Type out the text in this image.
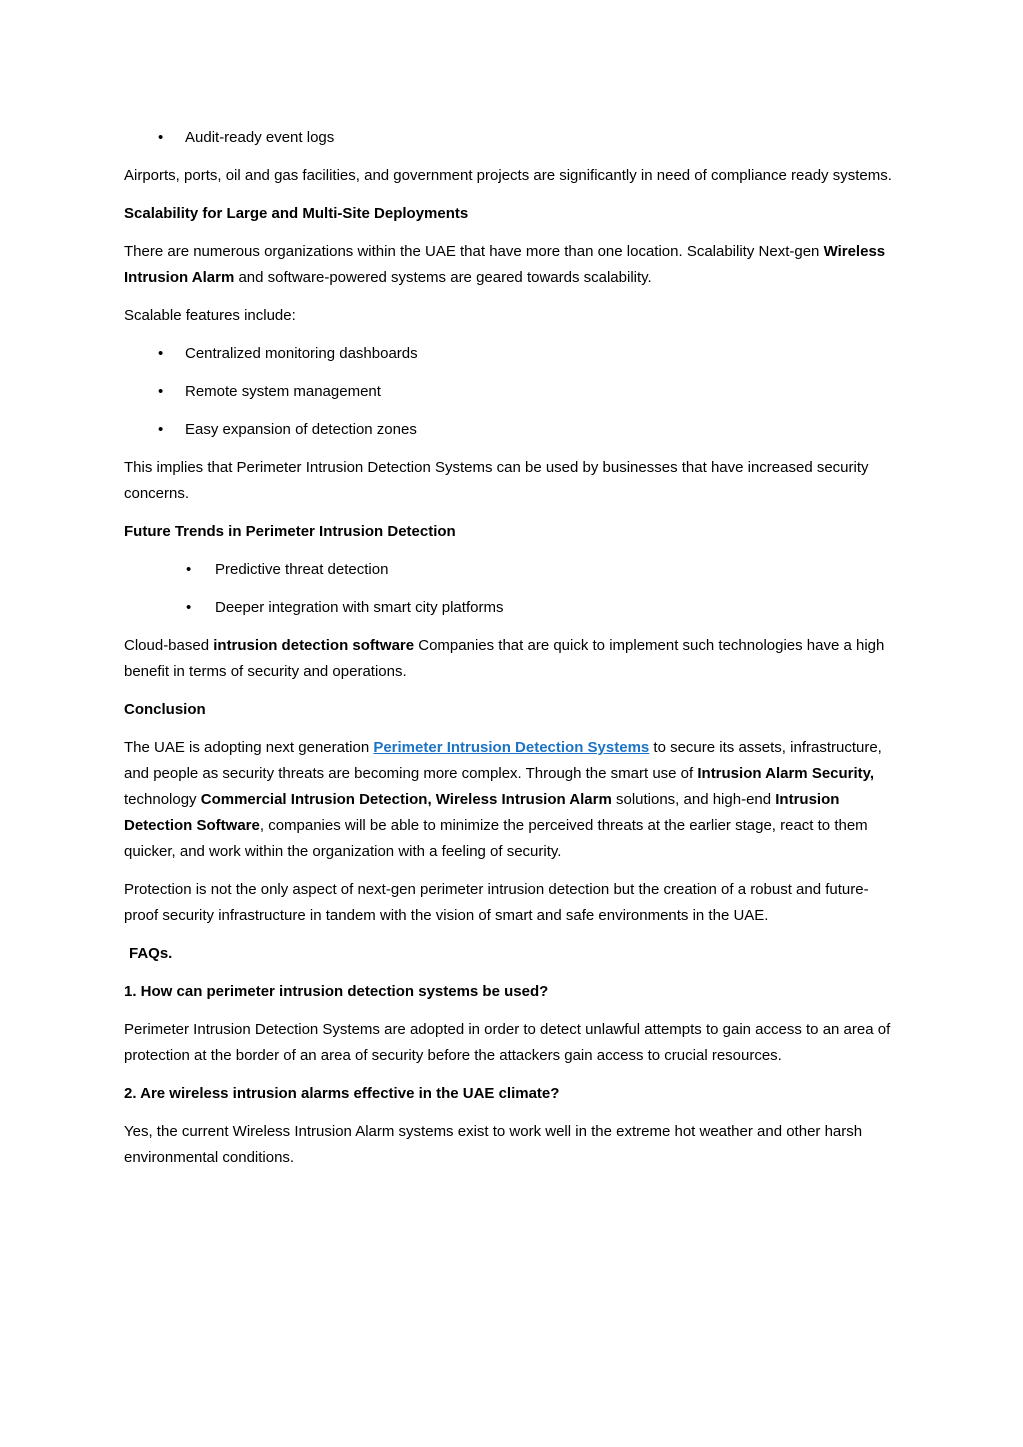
• Audit-ready event logs

Airports, ports, oil and gas facilities, and government projects are significantly in need of compliance ready systems.

Scalability for Large and Multi-Site Deployments

There are numerous organizations within the UAE that have more than one location. Scalability Next-gen Wireless Intrusion Alarm and software-powered systems are geared towards scalability.

Scalable features include:

• Centralized monitoring dashboards
• Remote system management
• Easy expansion of detection zones

This implies that Perimeter Intrusion Detection Systems can be used by businesses that have increased security concerns.

Future Trends in Perimeter Intrusion Detection
• Predictive threat detection
• Deeper integration with smart city platforms

Cloud-based intrusion detection software Companies that are quick to implement such technologies have a high benefit in terms of security and operations.

Conclusion

The UAE is adopting next generation Perimeter Intrusion Detection Systems to secure its assets, infrastructure, and people as security threats are becoming more complex. Through the smart use of Intrusion Alarm Security, technology Commercial Intrusion Detection, Wireless Intrusion Alarm solutions, and high-end Intrusion Detection Software, companies will be able to minimize the perceived threats at the earlier stage, react to them quicker, and work within the organization with a feeling of security.

Protection is not the only aspect of next-gen perimeter intrusion detection but the creation of a robust and future-proof security infrastructure in tandem with the vision of smart and safe environments in the UAE.

FAQs.
1. How can perimeter intrusion detection systems be used?

Perimeter Intrusion Detection Systems are adopted in order to detect unlawful attempts to gain access to an area of protection at the border of an area of security before the attackers gain access to crucial resources.

2. Are wireless intrusion alarms effective in the UAE climate?

Yes, the current Wireless Intrusion Alarm systems exist to work well in the extreme hot weather and other harsh environmental conditions.
